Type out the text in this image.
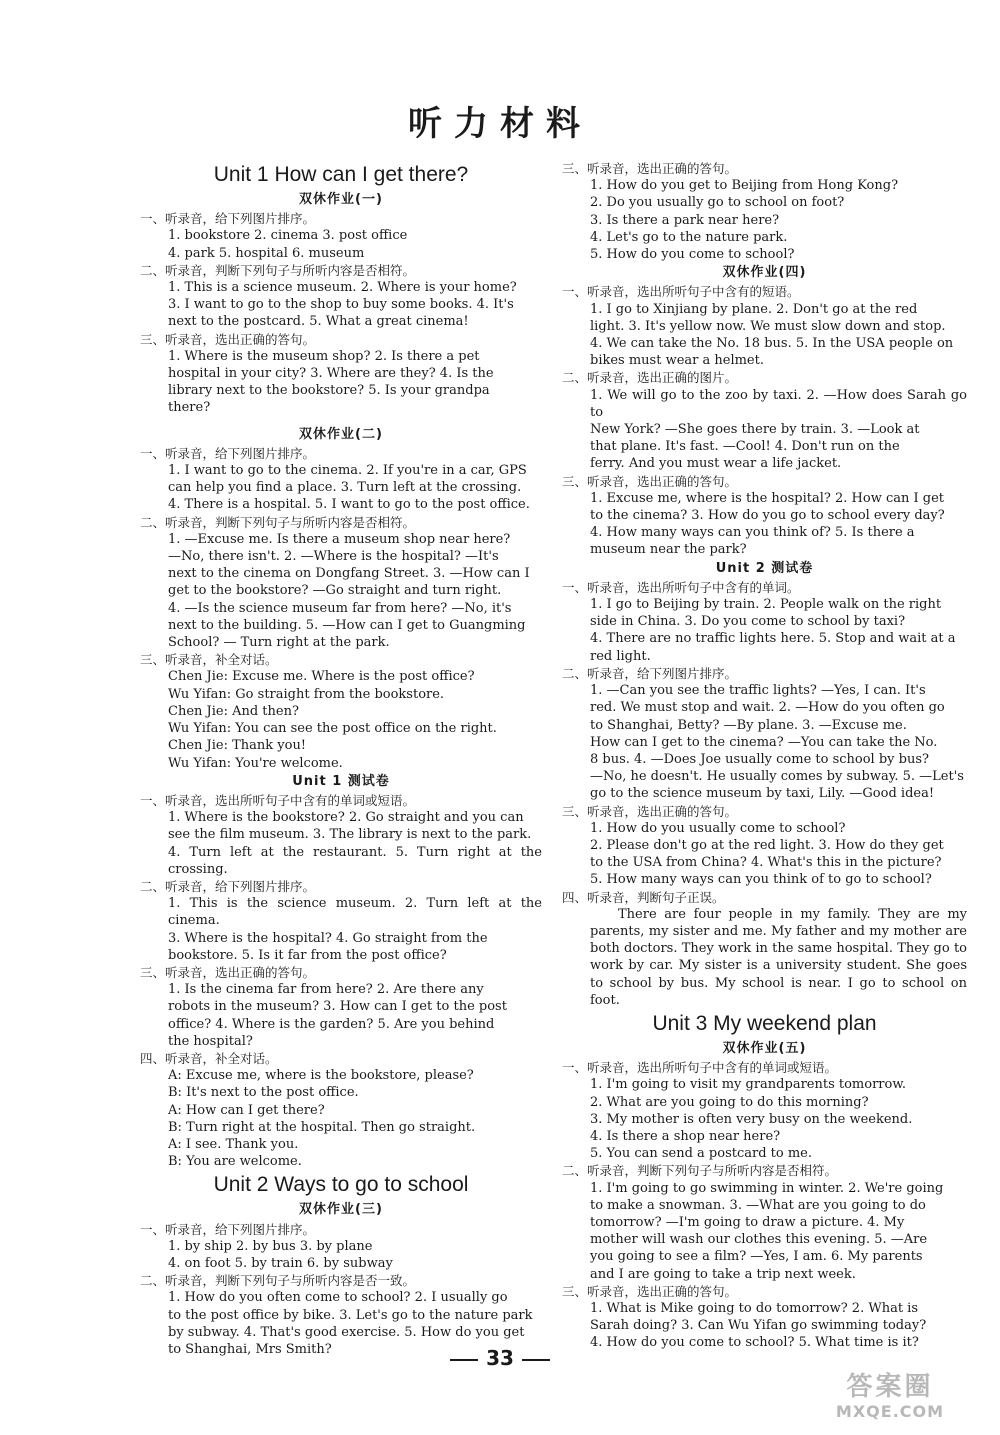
听力材料
Unit 1 How can I get there?
双休作业(一)
一、听录音，给下列图片排序。
1. bookstore 2. cinema 3. post office
4. park 5. hospital 6. museum
二、听录音，判断下列句子与所听内容是否相符。
1. This is a science museum. 2. Where is your home?
3. I want to go to the shop to buy some books. 4. It's
next to the postcard. 5. What a great cinema!
三、听录音，选出正确的答句。
1. Where is the museum shop? 2. Is there a pet
hospital in your city? 3. Where are they? 4. Is the
library next to the bookstore? 5. Is your grandpa
there?
双休作业(二)
一、听录音，给下列图片排序。
1. I want to go to the cinema. 2. If you're in a car, GPS
can help you find a place. 3. Turn left at the crossing.
4. There is a hospital. 5. I want to go to the post office.
二、听录音，判断下列句子与所听内容是否相符。
1. —Excuse me. Is there a museum shop near here?
—No, there isn't. 2. —Where is the hospital? —It's
next to the cinema on Dongfang Street. 3. —How can I
get to the bookstore? —Go straight and turn right.
4. —Is the science museum far from here? —No, it's
next to the building. 5. —How can I get to Guangming
School? — Turn right at the park.
三、听录音，补全对话。
Chen Jie: Excuse me. Where is the post office?
Wu Yifan: Go straight from the bookstore.
Chen Jie: And then?
Wu Yifan: You can see the post office on the right.
Chen Jie: Thank you!
Wu Yifan: You're welcome.
Unit 1 测试卷
一、听录音，选出所听句子中含有的单词或短语。
1. Where is the bookstore? 2. Go straight and you can
see the film museum. 3. The library is next to the park.
4. Turn left at the restaurant. 5. Turn right at the crossing.
二、听录音，给下列图片排序。
1. This is the science museum. 2. Turn left at the cinema.
3. Where is the hospital? 4. Go straight from the
bookstore. 5. Is it far from the post office?
三、听录音，选出正确的答句。
1. Is the cinema far from here? 2. Are there any
robots in the museum? 3. How can I get to the post
office? 4. Where is the garden? 5. Are you behind
the hospital?
四、听录音，补全对话。
A: Excuse me, where is the bookstore, please?
B: It's next to the post office.
A: How can I get there?
B: Turn right at the hospital. Then go straight.
A: I see. Thank you.
B: You are welcome.
Unit 2 Ways to go to school
双休作业(三)
一、听录音，给下列图片排序。
1. by ship 2. by bus 3. by plane
4. on foot 5. by train 6. by subway
二、听录音，判断下列句子与所听内容是否一致。
1. How do you often come to school? 2. I usually go
to the post office by bike. 3. Let's go to the nature park
by subway. 4. That's good exercise. 5. How do you get
to Shanghai, Mrs Smith?
三、听录音，选出正确的答句。
1. How do you get to Beijing from Hong Kong?
2. Do you usually go to school on foot?
3. Is there a park near here?
4. Let's go to the nature park.
5. How do you come to school?
双休作业(四)
一、听录音，选出所听句子中含有的短语。
1. I go to Xinjiang by plane. 2. Don't go at the red
light. 3. It's yellow now. We must slow down and stop.
4. We can take the No. 18 bus. 5. In the USA people on
bikes must wear a helmet.
二、听录音，选出正确的图片。
1. We will go to the zoo by taxi. 2. —How does Sarah go to
New York? —She goes there by train. 3. —Look at
that plane. It's fast. —Cool! 4. Don't run on the
ferry. And you must wear a life jacket.
三、听录音，选出正确的答句。
1. Excuse me, where is the hospital? 2. How can I get
to the cinema? 3. How do you go to school every day?
4. How many ways can you think of? 5. Is there a
museum near the park?
Unit 2 测试卷
一、听录音，选出所听句子中含有的单词。
1. I go to Beijing by train. 2. People walk on the right
side in China. 3. Do you come to school by taxi?
4. There are no traffic lights here. 5. Stop and wait at a
red light.
二、听录音，给下列图片排序。
1. —Can you see the traffic lights? —Yes, I can. It's
red. We must stop and wait. 2. —How do you often go
to Shanghai, Betty? —By plane. 3. —Excuse me.
How can I get to the cinema? —You can take the No.
8 bus. 4. —Does Joe usually come to school by bus?
—No, he doesn't. He usually comes by subway. 5. —Let's
go to the science museum by taxi, Lily. —Good idea!
三、听录音，选出正确的答句。
1. How do you usually come to school?
2. Please don't go at the red light. 3. How do they get
to the USA from China? 4. What's this in the picture?
5. How many ways can you think of to go to school?
四、听录音，判断句子正误。
There are four people in my family. They are my parents, my sister and me. My father and my mother are both doctors. They work in the same hospital. They go to work by car. My sister is a university student. She goes to school by bus. My school is near. I go to school on foot.
Unit 3 My weekend plan
双休作业(五)
一、听录音，选出所听句子中含有的单词或短语。
1. I'm going to visit my grandparents tomorrow.
2. What are you going to do this morning?
3. My mother is often very busy on the weekend.
4. Is there a shop near here?
5. You can send a postcard to me.
二、听录音，判断下列句子与所听内容是否相符。
1. I'm going to go swimming in winter. 2. We're going
to make a snowman. 3. —What are you going to do
tomorrow? —I'm going to draw a picture. 4. My
mother will wash our clothes this evening. 5. —Are
you going to see a film? —Yes, I am. 6. My parents
and I are going to take a trip next week.
三、听录音，选出正确的答句。
1. What is Mike going to do tomorrow? 2. What is
Sarah doing? 3. Can Wu Yifan go swimming today?
4. How do you come to school? 5. What time is it?
33
答案圈
MXQE.COM
